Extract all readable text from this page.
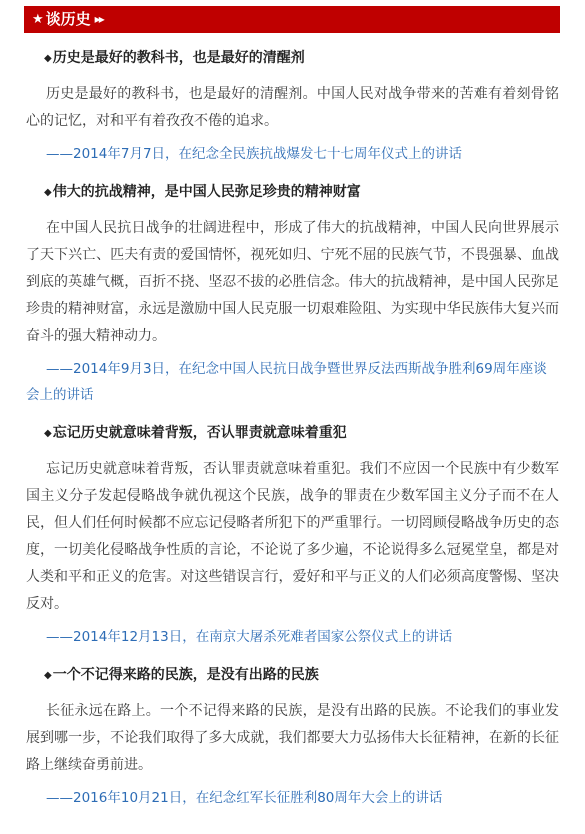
★ 谈历史 ▸▸
◆历史是最好的教科书，也是最好的清醒剂
历史是最好的教科书，也是最好的清醒剂。中国人民对战争带来的苦难有着刻骨铭心的记忆，对和平有着孜孜不倦的追求。
——2014年7月7日，在纪念全民族抗战爆发七十七周年仪式上的讲话
◆伟大的抗战精神，是中国人民弥足珍贵的精神财富
在中国人民抗日战争的壮阔进程中，形成了伟大的抗战精神，中国人民向世界展示了天下兴亡、匹夫有责的爱国情怀，视死如归、宁死不屈的民族气节，不畏强暴、血战到底的英雄气概，百折不挠、坚忍不拔的必胜信念。伟大的抗战精神，是中国人民弥足珍贵的精神财富，永远是激励中国人民克服一切艰难险阻、为实现中华民族伟大复兴而奋斗的强大精神动力。
——2014年9月3日，在纪念中国人民抗日战争暨世界反法西斯战争胜利69周年座谈会上的讲话
◆忘记历史就意味着背叛，否认罪责就意味着重犯
忘记历史就意味着背叛，否认罪责就意味着重犯。我们不应因一个民族中有少数军国主义分子发起侵略战争就仇视这个民族，战争的罪责在少数军国主义分子而不在人民，但人们任何时候都不应忘记侵略者所犯下的严重罪行。一切罔顾侵略战争历史的态度，一切美化侵略战争性质的言论，不论说了多少遍，不论说得多么冠冕堂皇，都是对人类和平和正义的危害。对这些错误言行，爱好和平与正义的人们必须高度警惕、坚决反对。
——2014年12月13日，在南京大屠杀死难者国家公祭仪式上的讲话
◆一个不记得来路的民族，是没有出路的民族
长征永远在路上。一个不记得来路的民族，是没有出路的民族。不论我们的事业发展到哪一步，不论我们取得了多大成就，我们都要大力弘扬伟大长征精神，在新的长征路上继续奋勇前进。
——2016年10月21日，在纪念红军长征胜利80周年大会上的讲话
